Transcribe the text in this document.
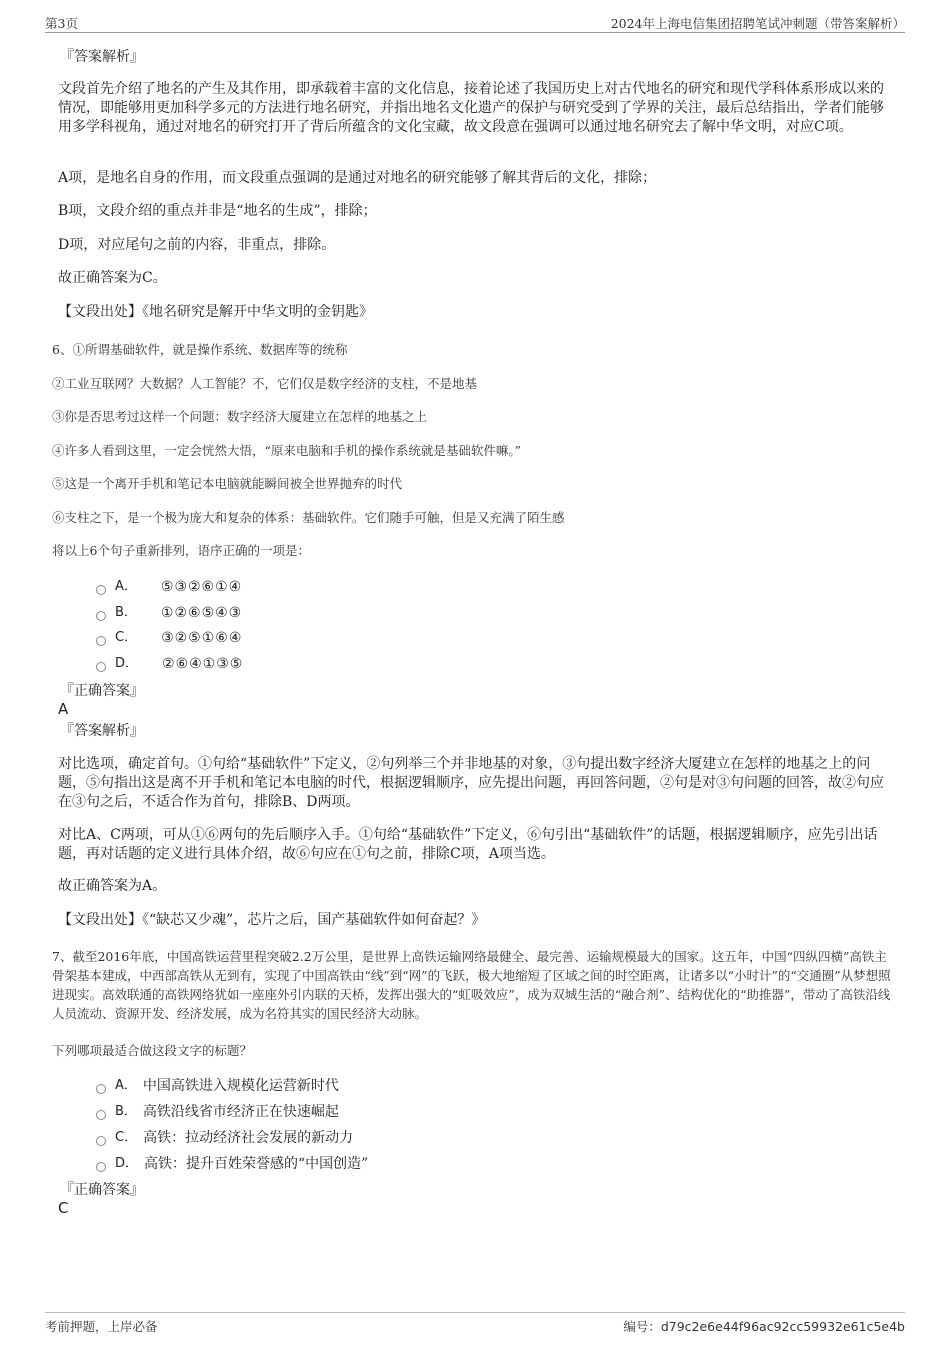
第3页	2024年上海电信集团招聘笔试冲刺题（带答案解析）
『答案解析』
文段首先介绍了地名的产生及其作用，即承载着丰富的文化信息，接着论述了我国历史上对古代地名的研究和现代学科体系形成以来的情况，即能够用更加科学多元的方法进行地名研究，并指出地名文化遗产的保护与研究受到了学界的关注，最后总结指出，学者们能够用多学科视角，通过对地名的研究打开了背后所蕴含的文化宝藏，故文段意在强调可以通过地名研究去了解中华文明，对应C项。
A项，是地名自身的作用，而文段重点强调的是通过对地名的研究能够了解其背后的文化，排除；
B项，文段介绍的重点并非是“地名的生成”，排除；
D项，对应尾句之前的内容，非重点，排除。
故正确答案为C。
【文段出处】《地名研究是解开中华文明的金钥匙》
6、①所谓基础软件，就是操作系统、数据库等的统称
②工业互联网？大数据？人工智能？不，它们仅是数字经济的支柱，不是地基
③你是否思考过这样一个问题：数字经济大厦建立在怎样的地基之上
④许多人看到这里，一定会恍然大悟，“原来电脑和手机的操作系统就是基础软件嘛。”
⑤这是一个离开手机和笔记本电脑就能瞬间被全世界抛弃的时代
⑥支柱之下，是一个极为庞大和复杂的体系：基础软件。它们随手可触，但是又充满了陌生感
将以上6个句子重新排列，语序正确的一项是：
A． ⑤③②⑥①④
B． ①②⑥⑤④③
C． ③②⑤①⑥④
D． ②⑥④①③⑤
『正确答案』
A
『答案解析』
对比选项，确定首句。①句给“基础软件”下定义，②句列举三个并非地基的对象，③句提出数字经济大厦建立在怎样的地基之上的问题，⑤句指出这是离不开手机和笔记本电脑的时代，根据逻辑顺序，应先提出问题，再回答问题，②句是对③句问题的回答，故②句应在③句之后，不适合作为首句，排除B、D两项。
对比A、C两项，可从①⑥两句的先后顺序入手。①句给“基础软件”下定义，⑥句引出“基础软件”的话题，根据逻辑顺序，应先引出话题，再对话题的定义进行具体介绍，故⑥句应在①句之前，排除C项，A项当选。
故正确答案为A。
【文段出处】《“缺芯又少魂”，芯片之后，国产基础软件如何奋起？》
7、截至2016年底，中国高铁运营里程突破2.2万公里，是世界上高铁运输网络最健全、最完善、运输规模最大的国家。这五年，中国“四纵四横”高铁主骨架基本建成，中西部高铁从无到有，实现了中国高铁由“线”到“网”的飞跃，极大地缩短了区域之间的时空距离，让诸多以“小时计”的“交通圈”从梦想照进现实。高效联通的高铁网络犹如一座座外引内联的天桥，发挥出强大的“虹吸效应”，成为双城生活的“融合剂”、结构优化的“助推器”，带动了高铁沿线人员流动、资源开发、经济发展，成为名符其实的国民经济大动脉。
下列哪项最适合做这段文字的标题？
A． 中国高铁进入规模化运营新时代
B． 高铁沿线省市经济正在快速崛起
C． 高铁：拉动经济社会发展的新动力
D． 高铁：提升百姓荣誉感的“中国创造”
『正确答案』
C
考前押题，上岸必备	编号：d79c2e6e44f96ac92cc59932e61c5e4b
